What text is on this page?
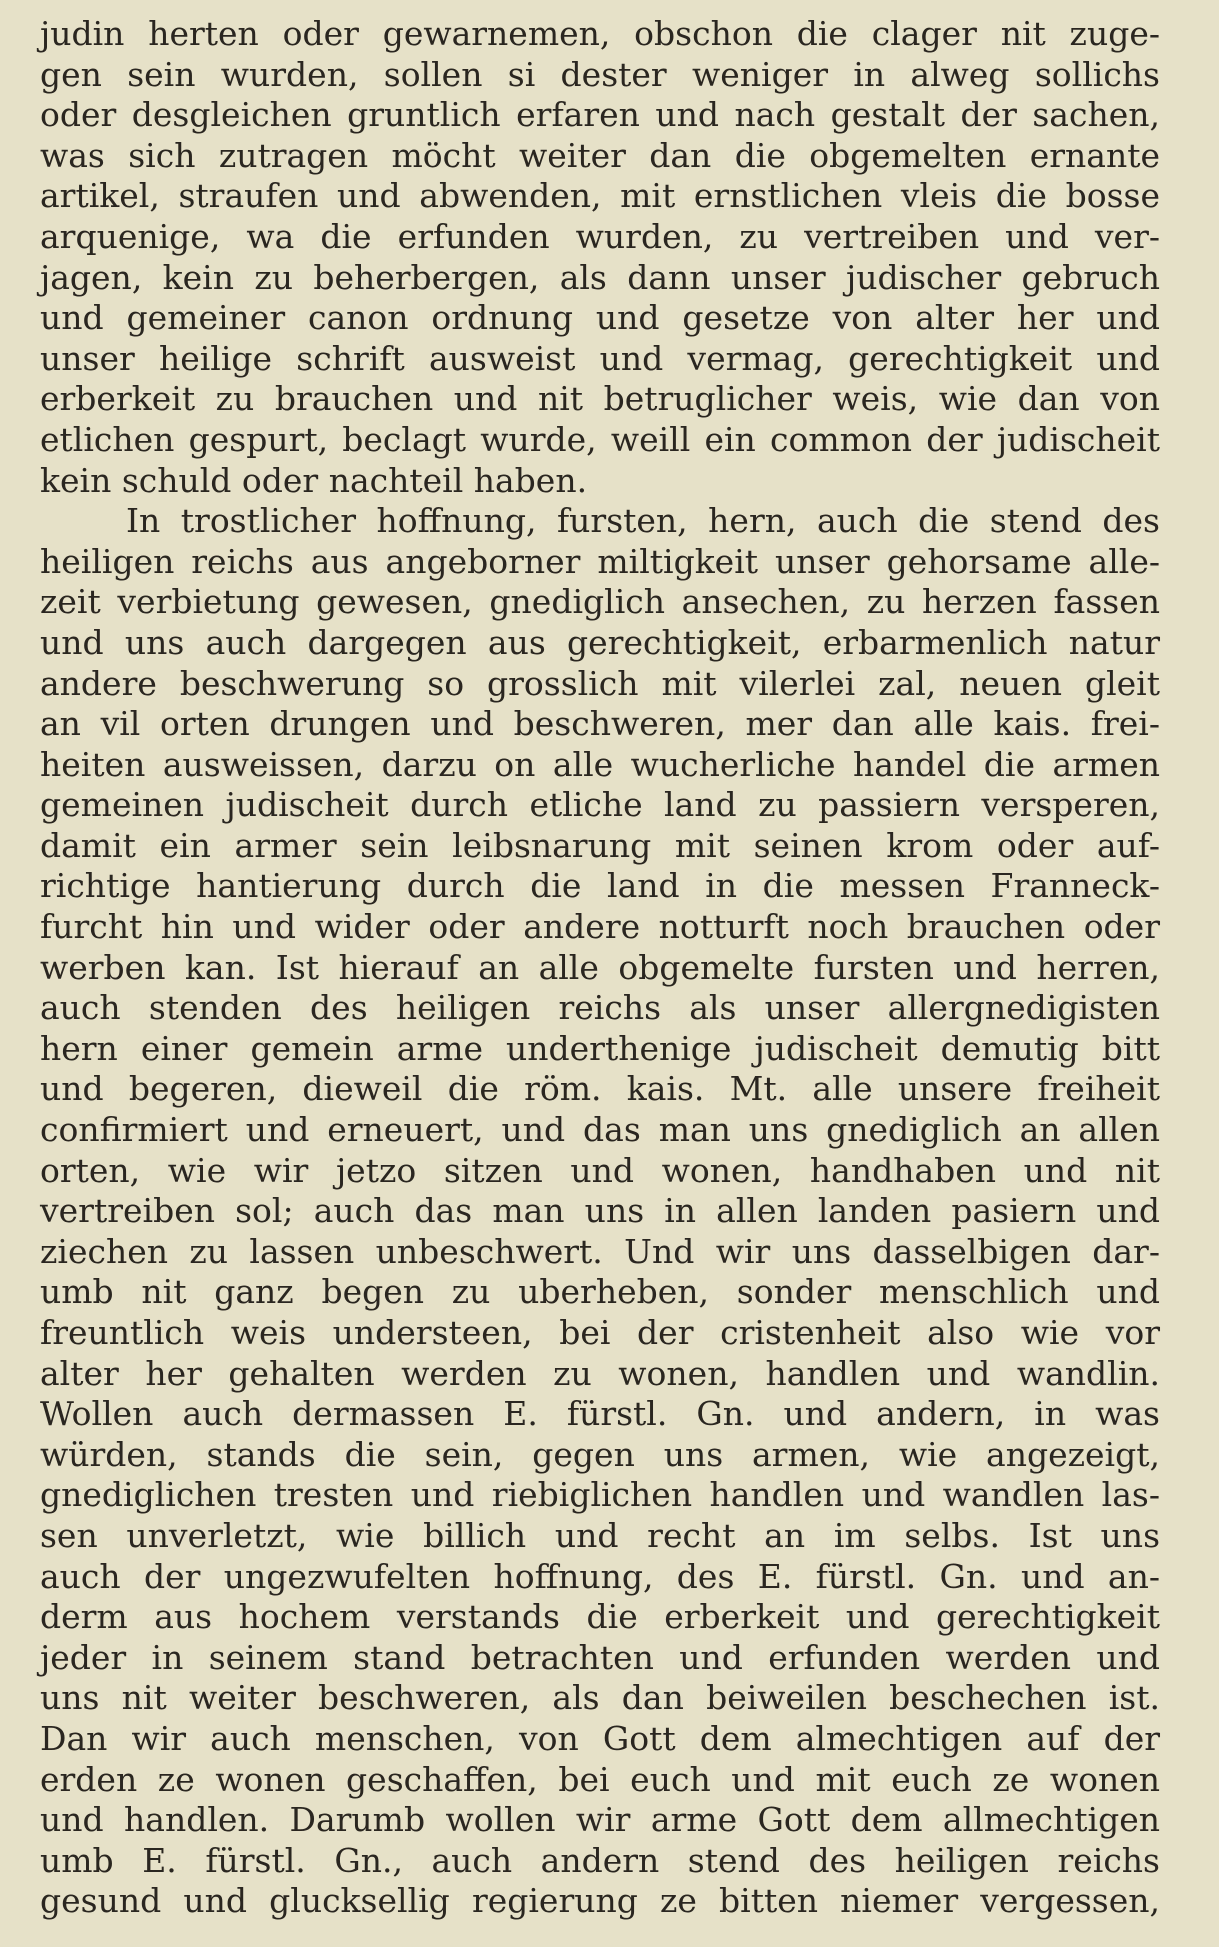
judin herten oder gewarnemen, obschon die clager nit zuge-
gen sein wurden, sollen si dester weniger in alweg sollichs
oder desgleichen gruntlich erfaren und nach gestalt der sachen,
was sich zutragen möcht weiter dan die obgemelten ernante
artikel, straufen und abwenden, mit ernstlichen vleis die bosse
arquenige, wa die erfunden wurden, zu vertreiben und ver-
jagen, kein zu beherbergen, als dann unser judischer gebruch
und gemeiner canon ordnung und gesetze von alter her und
unser heilige schrift ausweist und vermag, gerechtigkeit und
erberkeit zu brauchen und nit betruglicher weis, wie dan von
etlichen gespurt, beclagt wurde, weill ein common der judischeit
kein schuld oder nachteil haben.
In trostlicher hoffnung, fursten, hern, auch die stend des
heiligen reichs aus angeborner miltigkeit unser gehorsame alle-
zeit verbietung gewesen, gnediglich ansechen, zu herzen fassen
und uns auch dargegen aus gerechtigkeit, erbarmenlich natur
andere beschwerung so grosslich mit vilerlei zal, neuen gleit
an vil orten drungen und beschweren, mer dan alle kais. frei-
heiten ausweissen, darzu on alle wucherliche handel die armen
gemeinen judischeit durch etliche land zu passiern versperen,
damit ein armer sein leibsnarung mit seinen krom oder auf-
richtige hantierung durch die land in die messen Franneck-
furcht hin und wider oder andere notturft noch brauchen oder
werben kan. Ist hierauf an alle obgemelte fursten und herren,
auch stenden des heiligen reichs als unser allergnedigisten
hern einer gemein arme underthenige judischeit demutig bitt
und begeren, dieweil die röm. kais. Mt. alle unsere freiheit
confirmiert und erneuert, und das man uns gnediglich an allen
orten, wie wir jetzo sitzen und wonen, handhaben und nit
vertreiben sol; auch das man uns in allen landen pasiern und
ziechen zu lassen unbeschwert. Und wir uns dasselbigen dar-
umb nit ganz begen zu uberheben, sonder menschlich und
freuntlich weis understeen, bei der cristenheit also wie vor
alter her gehalten werden zu wonen, handlen und wandlin.
Wollen auch dermassen E. fürstl. Gn. und andern, in was
würden, stands die sein, gegen uns armen, wie angezeigt,
gnediglichen tresten und riebiglichen handlen und wandlen las-
sen unverletzt, wie billich und recht an im selbs. Ist uns
auch der ungezwufelten hoffnung, des E. fürstl. Gn. und an-
derm aus hochem verstands die erberkeit und gerechtigkeit
jeder in seinem stand betrachten und erfunden werden und
uns nit weiter beschweren, als dan beiweilen beschechen ist.
Dan wir auch menschen, von Gott dem almechtigen auf der
erden ze wonen geschaffen, bei euch und mit euch ze wonen
und handlen. Darumb wollen wir arme Gott dem allmechtigen
umb E. fürstl. Gn., auch andern stend des heiligen reichs
gesund und glucksellig regierung ze bitten niemer vergessen,
